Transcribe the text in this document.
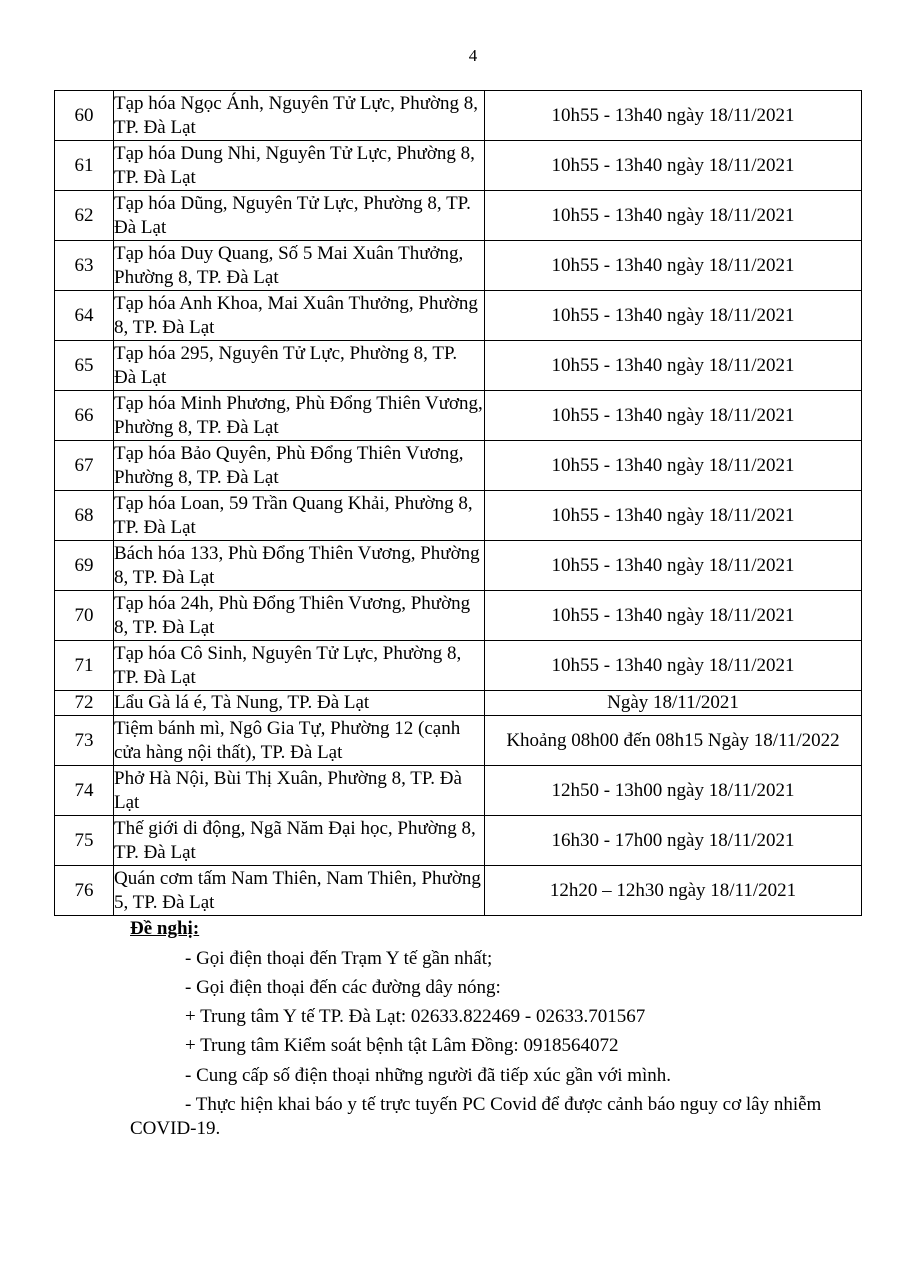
4
60	Tạp hóa Ngọc Ánh, Nguyên Tử Lực, Phường 8, TP. Đà Lạt	10h55 - 13h40 ngày 18/11/2021
61	Tạp hóa Dung Nhi, Nguyên Tử Lực, Phường 8, TP. Đà Lạt	10h55 - 13h40 ngày 18/11/2021
62	Tạp hóa Dũng, Nguyên Tử Lực, Phường 8, TP. Đà Lạt	10h55 - 13h40 ngày 18/11/2021
63	Tạp hóa Duy Quang, Số 5 Mai Xuân Thưởng, Phường 8, TP. Đà Lạt	10h55 - 13h40 ngày 18/11/2021
64	Tạp hóa Anh Khoa, Mai Xuân Thưởng, Phường 8, TP. Đà Lạt	10h55 - 13h40 ngày 18/11/2021
65	Tạp hóa 295, Nguyên Tử Lực, Phường 8, TP. Đà Lạt	10h55 - 13h40 ngày 18/11/2021
66	Tạp hóa Minh Phương, Phù Đổng Thiên Vương, Phường 8, TP. Đà Lạt	10h55 - 13h40 ngày 18/11/2021
67	Tạp hóa Bảo Quyên, Phù Đổng Thiên Vương, Phường 8, TP. Đà Lạt	10h55 - 13h40 ngày 18/11/2021
68	Tạp hóa Loan, 59 Trần Quang Khải, Phường 8, TP. Đà Lạt	10h55 - 13h40 ngày 18/11/2021
69	Bách hóa 133, Phù Đổng Thiên Vương, Phường 8, TP. Đà Lạt	10h55 - 13h40 ngày 18/11/2021
70	Tạp hóa 24h, Phù Đổng Thiên Vương, Phường 8, TP. Đà Lạt	10h55 - 13h40 ngày 18/11/2021
71	Tạp hóa Cô Sinh, Nguyên Tử Lực, Phường 8, TP. Đà Lạt	10h55 - 13h40 ngày 18/11/2021
72	Lẩu Gà lá é, Tà Nung, TP. Đà Lạt	Ngày 18/11/2021
73	Tiệm bánh mì, Ngô Gia Tự, Phường 12 (cạnh cửa hàng nội thất), TP. Đà Lạt	Khoảng 08h00 đến 08h15 Ngày 18/11/2022
74	Phở Hà Nội, Bùi Thị Xuân, Phường 8, TP. Đà Lạt	12h50 - 13h00 ngày 18/11/2021
75	Thế giới di động, Ngã Năm Đại học, Phường 8, TP. Đà Lạt	16h30 - 17h00 ngày 18/11/2021
76	Quán cơm tấm Nam Thiên, Nam Thiên, Phường 5, TP. Đà Lạt	12h20 – 12h30 ngày 18/11/2021
Đề nghị:
- Gọi điện thoại đến Trạm Y tế gần nhất;
- Gọi điện thoại đến các đường dây nóng:
+ Trung tâm Y tế TP. Đà Lạt: 02633.822469 - 02633.701567
+ Trung tâm Kiểm soát bệnh tật Lâm Đồng: 0918564072
- Cung cấp số điện thoại những người đã tiếp xúc gần với mình.
- Thực hiện khai báo y tế trực tuyến PC Covid để được cảnh báo nguy cơ lây nhiễm COVID-19.
